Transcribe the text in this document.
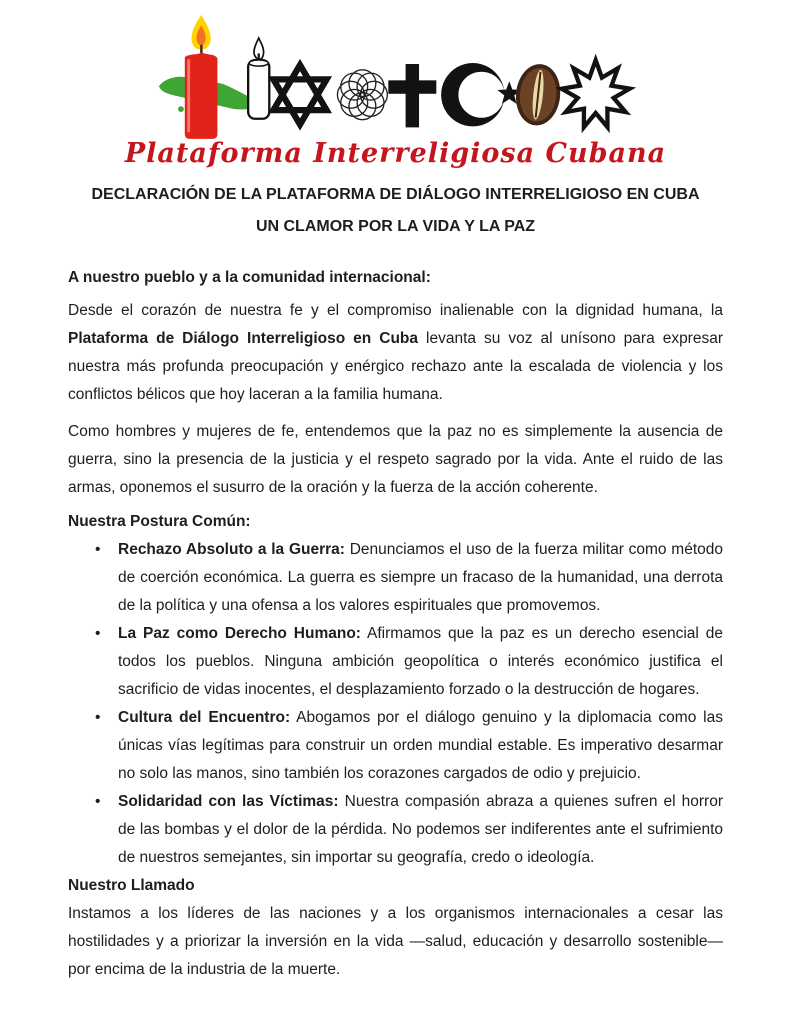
Plataforma Interreligiosa Cubana
DECLARACIÓN DE LA PLATAFORMA DE DIÁLOGO INTERRELIGIOSO EN CUBA
UN CLAMOR POR LA VIDA Y LA PAZ
A nuestro pueblo y a la comunidad internacional:

Desde el corazón de nuestra fe y el compromiso inalienable con la dignidad humana, la Plataforma de Diálogo Interreligioso en Cuba levanta su voz al unísono para expresar nuestra más profunda preocupación y enérgico rechazo ante la escalada de violencia y los conflictos bélicos que hoy laceran a la familia humana.

Como hombres y mujeres de fe, entendemos que la paz no es simplemente la ausencia de guerra, sino la presencia de la justicia y el respeto sagrado por la vida. Ante el ruido de las armas, oponemos el susurro de la oración y la fuerza de la acción coherente.

Nuestra Postura Común:
• Rechazo Absoluto a la Guerra: Denunciamos el uso de la fuerza militar como método de coerción económica. La guerra es siempre un fracaso de la humanidad, una derrota de la política y una ofensa a los valores espirituales que promovemos.
• La Paz como Derecho Humano: Afirmamos que la paz es un derecho esencial de todos los pueblos. Ninguna ambición geopolítica o interés económico justifica el sacrificio de vidas inocentes, el desplazamiento forzado o la destrucción de hogares.
• Cultura del Encuentro: Abogamos por el diálogo genuino y la diplomacia como las únicas vías legítimas para construir un orden mundial estable. Es imperativo desarmar no solo las manos, sino también los corazones cargados de odio y prejuicio.
• Solidaridad con las Víctimas: Nuestra compasión abraza a quienes sufren el horror de las bombas y el dolor de la pérdida. No podemos ser indiferentes ante el sufrimiento de nuestros semejantes, sin importar su geografía, credo o ideología.
Nuestro Llamado

Instamos a los líderes de las naciones y a los organismos internacionales a cesar las hostilidades y a priorizar la inversión en la vida —salud, educación y desarrollo sostenible— por encima de la industria de la muerte.
